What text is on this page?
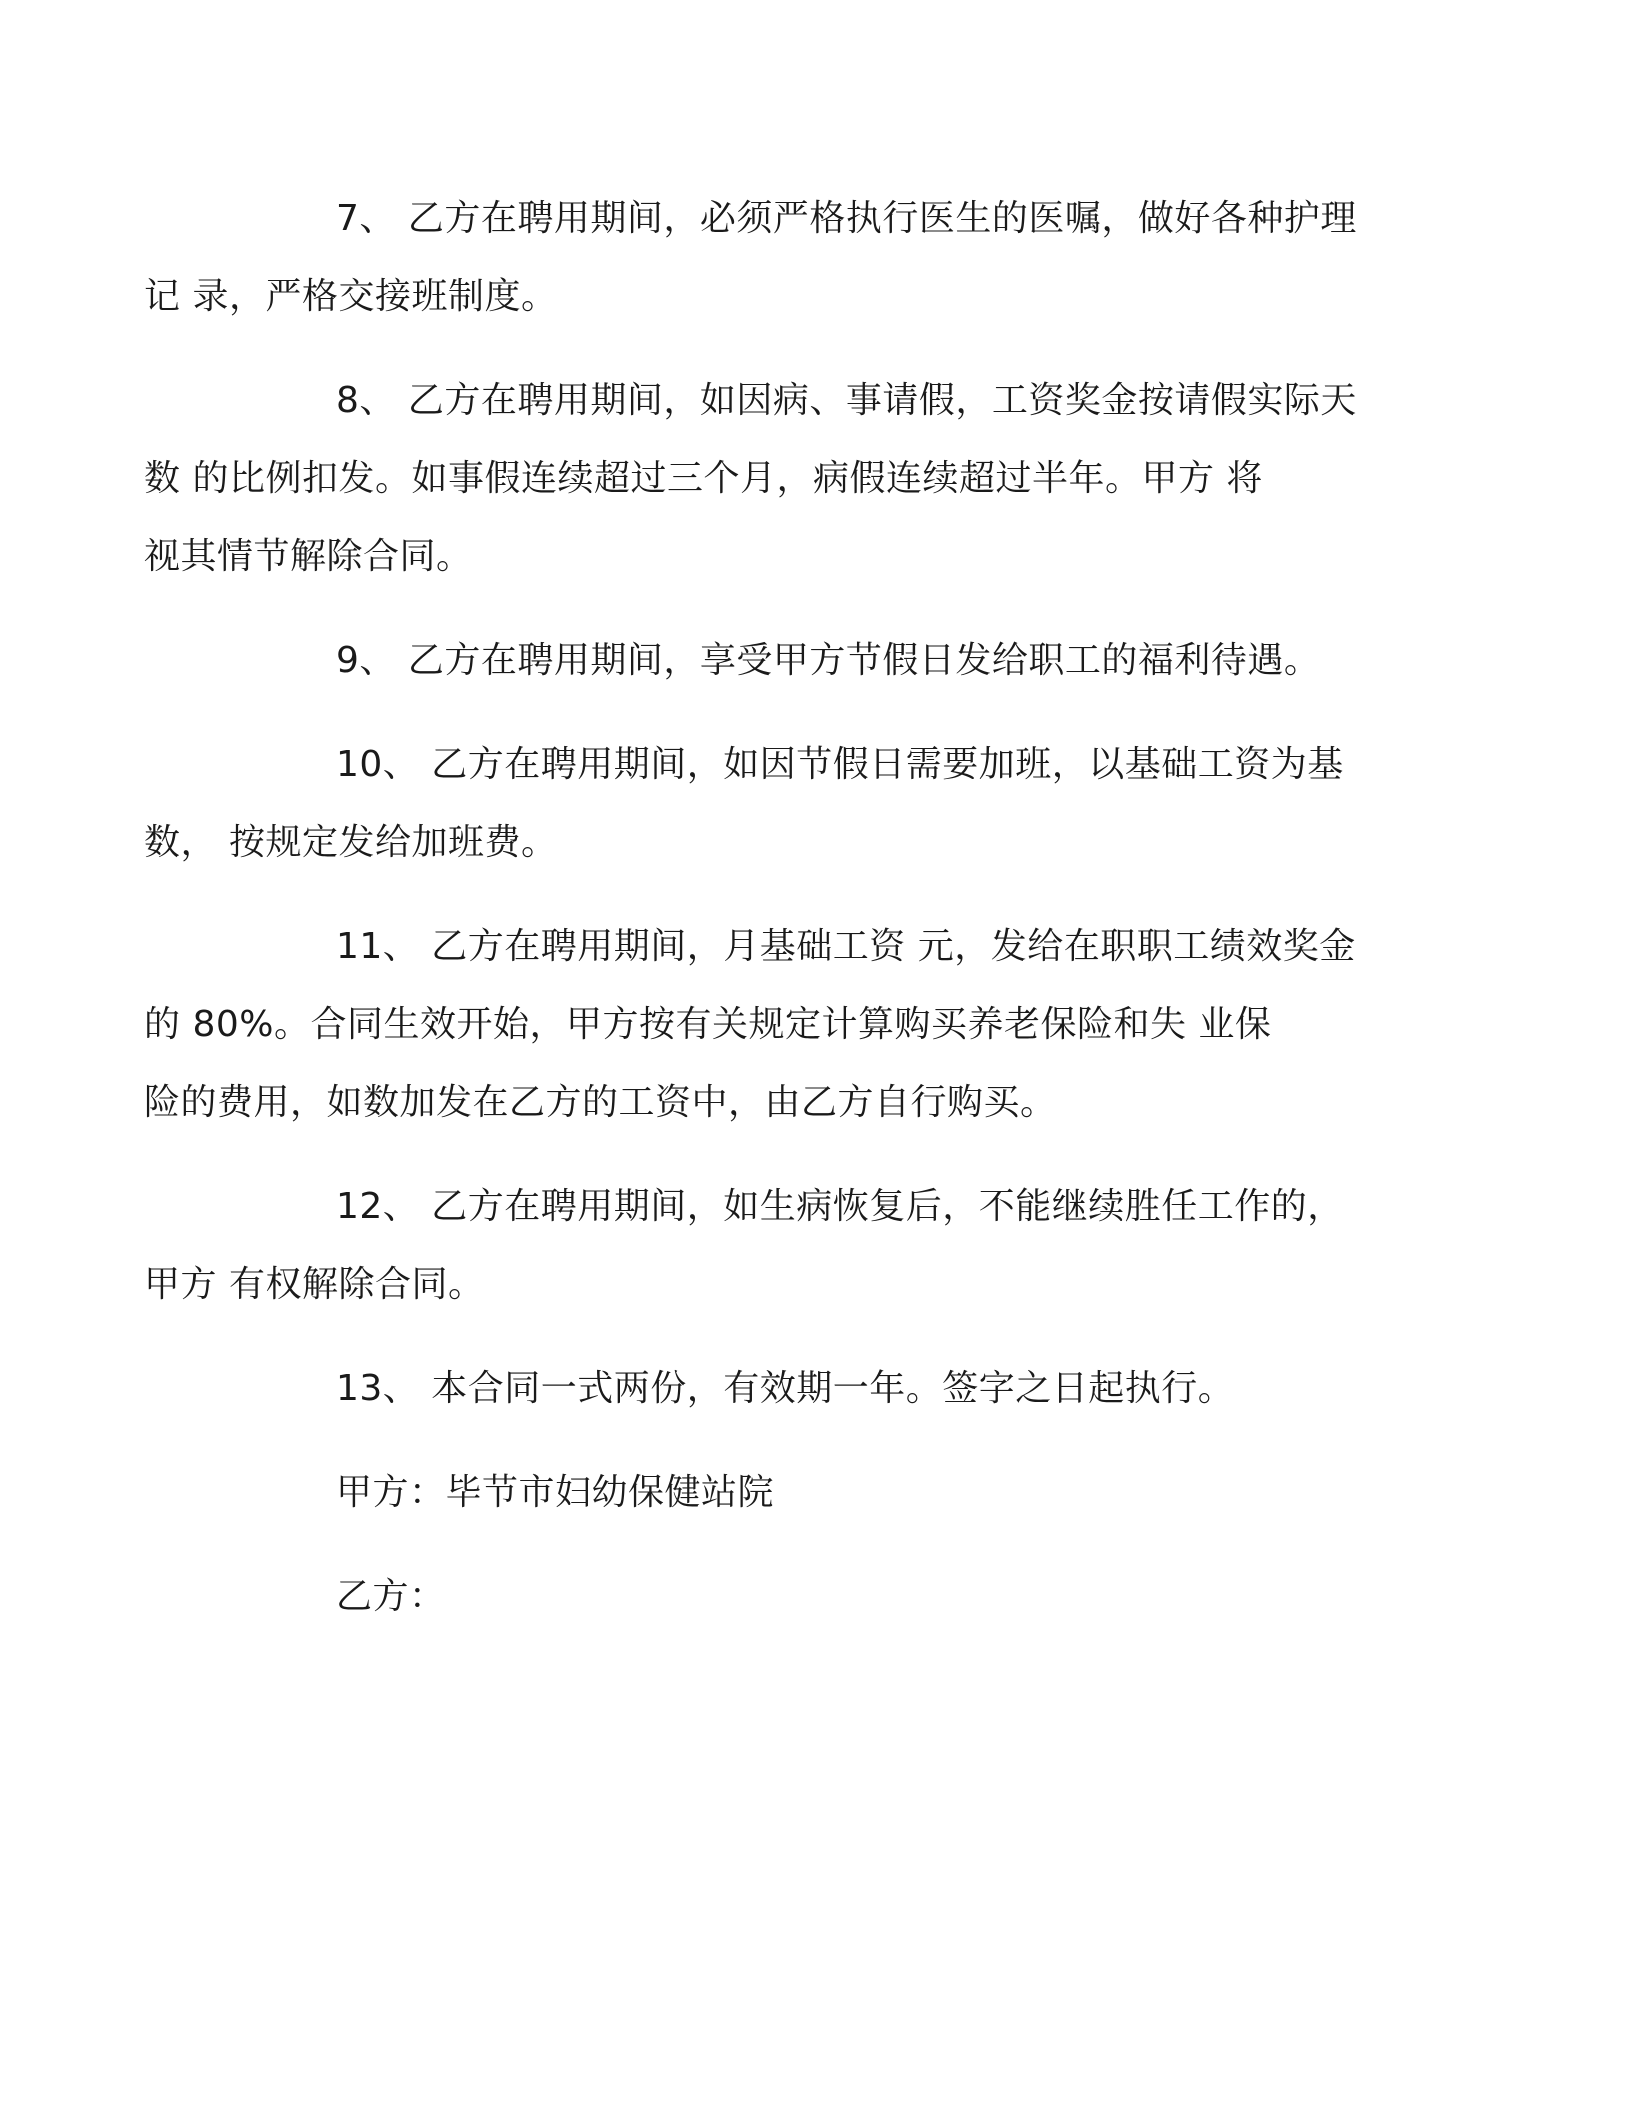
7、 乙方在聘用期间，必须严格执行医生的医嘱，做好各种护理
记 录，严格交接班制度。

8、 乙方在聘用期间，如因病、事请假，工资奖金按请假实际天
数 的比例扣发。如事假连续超过三个月，病假连续超过半年。甲方 将
视其情节解除合同。

9、 乙方在聘用期间，享受甲方节假日发给职工的福利待遇。

10、 乙方在聘用期间，如因节假日需要加班，以基础工资为基
数， 按规定发给加班费。

11、 乙方在聘用期间，月基础工资 元，发给在职职工绩效奖金
的 80%。合同生效开始，甲方按有关规定计算购买养老保险和失 业保
险的费用，如数加发在乙方的工资中，由乙方自行购买。

12、 乙方在聘用期间，如生病恢复后，不能继续胜任工作的，
甲方 有权解除合同。

13、 本合同一式两份，有效期一年。签字之日起执行。

甲方：毕节市妇幼保健站院
乙方：
